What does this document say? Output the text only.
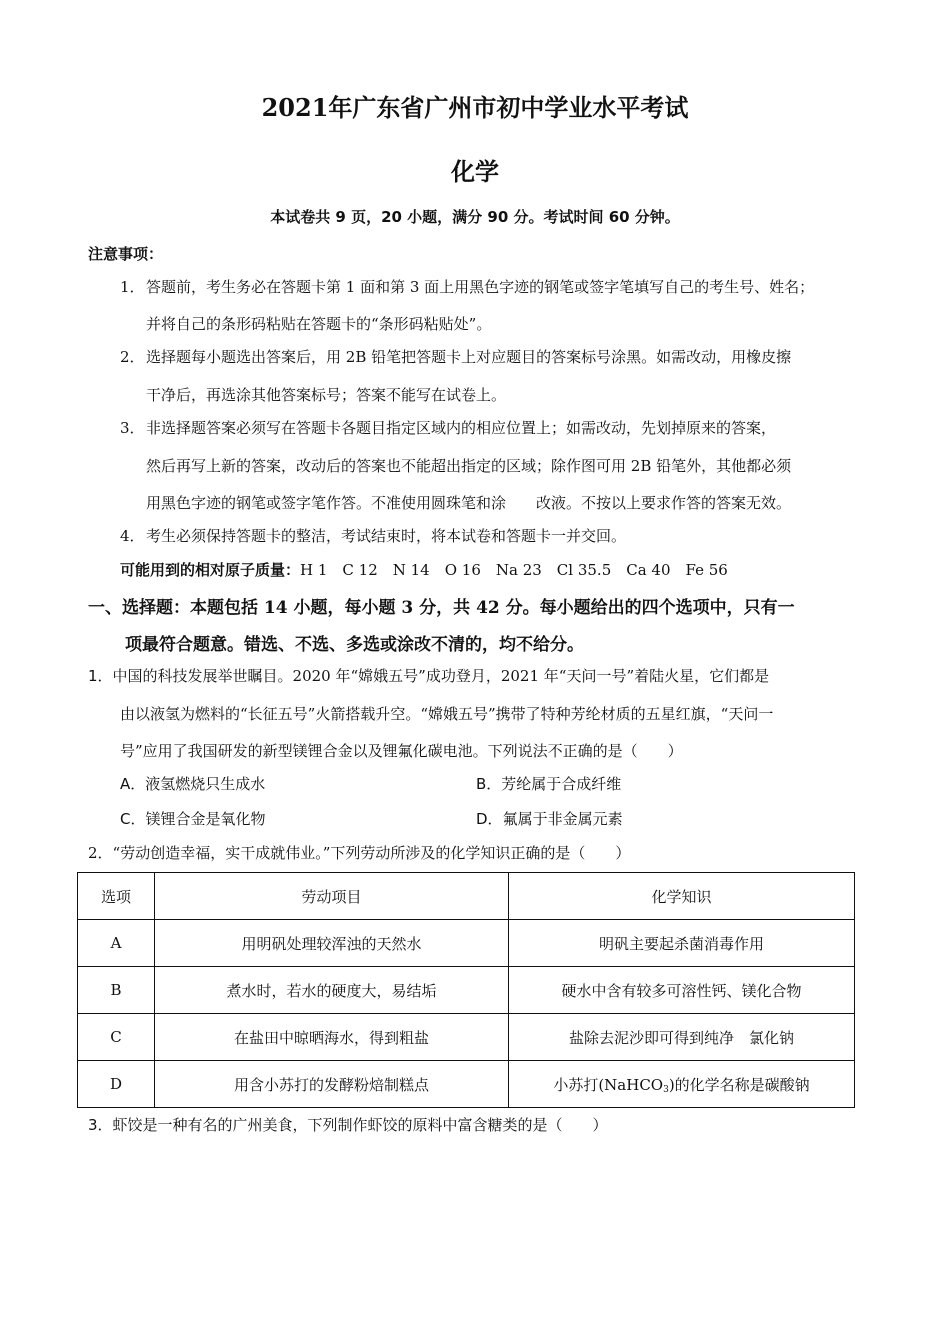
2021年广东省广州市初中学业水平考试
化学
本试卷共 9 页，20 小题，满分 90 分。考试时间 60 分钟。
注意事项：
1．答题前，考生务必在答题卡第 1 面和第 3 面上用黑色字迹的钢笔或签字笔填写自己的考生号、姓名；
并将自己的条形码粘贴在答题卡的“条形码粘贴处”。
2．选择题每小题选出答案后，用 2B 铅笔把答题卡上对应题目的答案标号涂黑。如需改动，用橡皮擦
干净后，再选涂其他答案标号；答案不能写在试卷上。
3．非选择题答案必须写在答题卡各题目指定区域内的相应位置上；如需改动，先划掉原来的答案，
然后再写上新的答案，改动后的答案也不能超出指定的区域；除作图可用 2B 铅笔外，其他都必须
用黑色字迹的钢笔或签字笔作答。不准使用圆珠笔和涂　　改液。不按以上要求作答的答案无效。
4．考生必须保持答题卡的整洁，考试结束时，将本试卷和答题卡一并交回。
可能用到的相对原子质量：H 1　C 12　N 14　O 16　Na 23　Cl 35.5　Ca 40　Fe 56
一、选择题：本题包括 14 小题，每小题 3 分，共 42 分。每小题给出的四个选项中，只有一
项最符合题意。错选、不选、多选或涂改不清的，均不给分。
1．中国的科技发展举世瞩目。2020 年“嫦娥五号”成功登月，2021 年“天问一号”着陆火星，它们都是
由以液氢为燃料的“长征五号”火箭搭载升空。“嫦娥五号”携带了特种芳纶材质的五星红旗，“天问一
号”应用了我国研发的新型镁锂合金以及锂氟化碳电池。下列说法不正确的是（　　）
A．液氢燃烧只生成水	B．芳纶属于合成纤维
C．镁锂合金是氧化物	D．氟属于非金属元素
2．“劳动创造幸福，实干成就伟业。”下列劳动所涉及的化学知识正确的是（　　）
选项	劳动项目	化学知识
A	用明矾处理较浑浊的天然水	明矾主要起杀菌消毒作用
B	煮水时，若水的硬度大，易结垢	硬水中含有较多可溶性钙、镁化合物
C	在盐田中晾晒海水，得到粗盐	盐除去泥沙即可得到纯净　氯化钠
D	用含小苏打的发酵粉焙制糕点	小苏打(NaHCO$_3$)的化学名称是碳酸钠
3．虾饺是一种有名的广州美食，下列制作虾饺的原料中富含糖类的是（　　）
